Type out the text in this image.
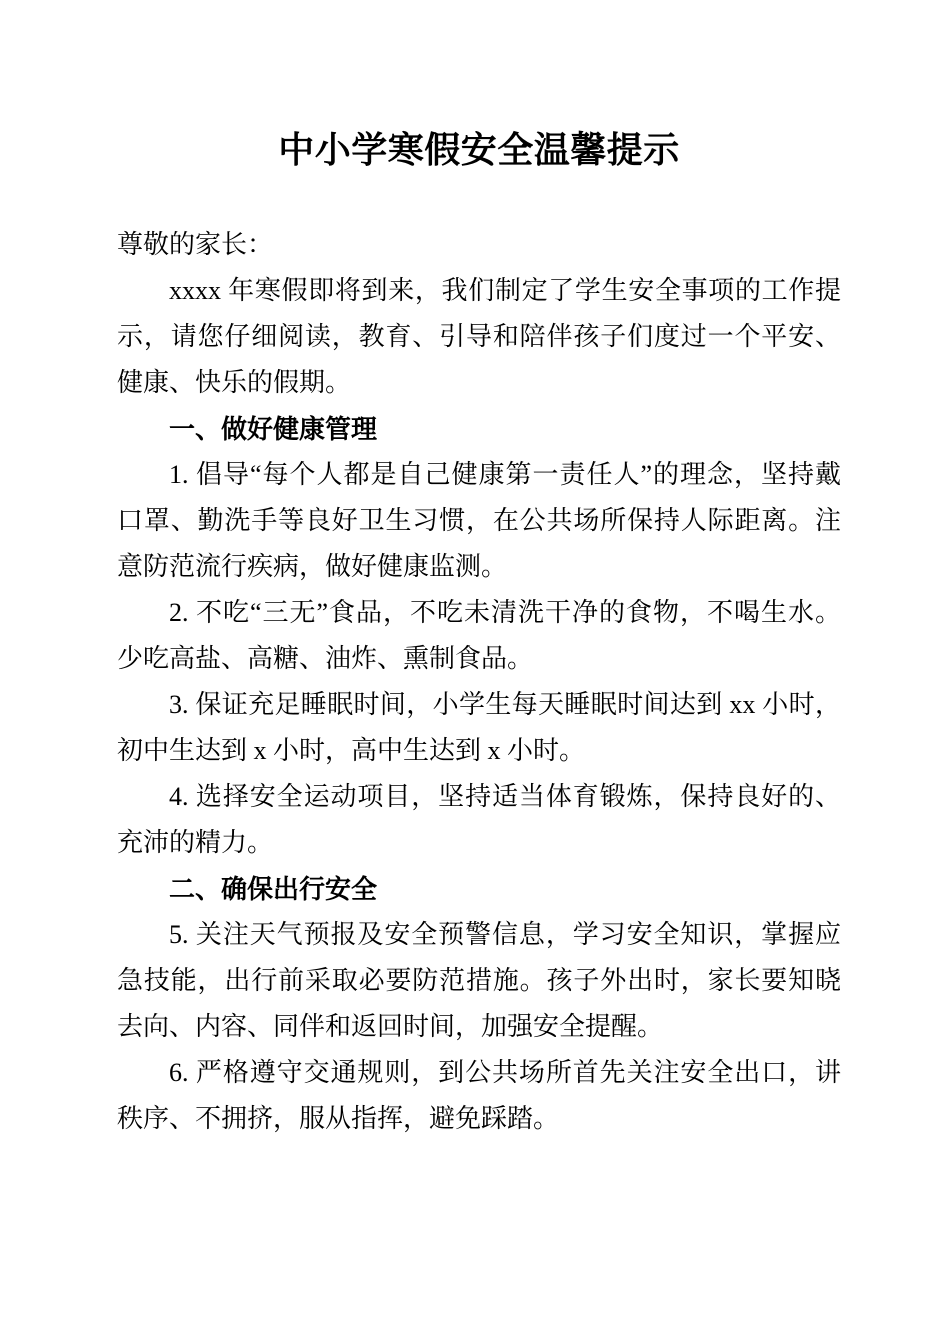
中小学寒假安全温馨提示

尊敬的家长：

xxxx 年寒假即将到来，我们制定了学生安全事项的工作提示，请您仔细阅读，教育、引导和陪伴孩子们度过一个平安、健康、快乐的假期。

一、做好健康管理

1. 倡导“每个人都是自己健康第一责任人”的理念，坚持戴口罩、勤洗手等良好卫生习惯，在公共场所保持人际距离。注意防范流行疾病，做好健康监测。

2. 不吃“三无”食品，不吃未清洗干净的食物，不喝生水。少吃高盐、高糖、油炸、熏制食品。

3. 保证充足睡眠时间，小学生每天睡眠时间达到 xx 小时，初中生达到 x 小时，高中生达到 x 小时。

4. 选择安全运动项目，坚持适当体育锻炼，保持良好的、充沛的精力。

二、确保出行安全

5. 关注天气预报及安全预警信息，学习安全知识，掌握应急技能，出行前采取必要防范措施。孩子外出时，家长要知晓去向、内容、同伴和返回时间，加强安全提醒。

6. 严格遵守交通规则，到公共场所首先关注安全出口，讲秩序、不拥挤，服从指挥，避免踩踏。
